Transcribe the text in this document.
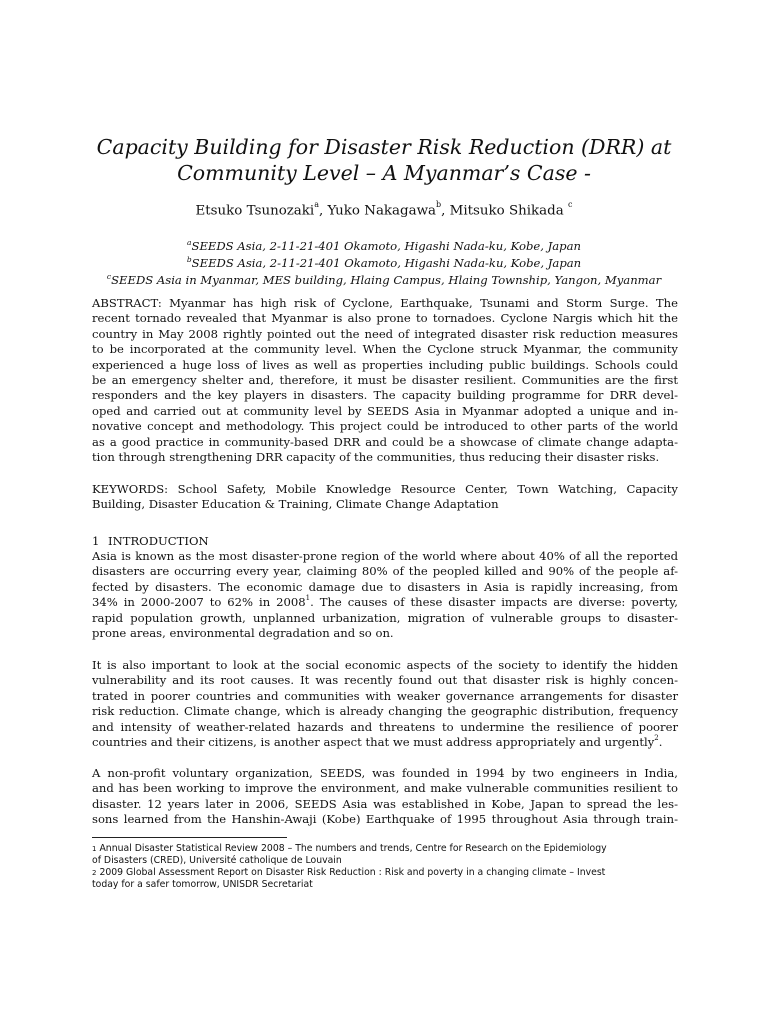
Capacity Building for Disaster Risk Reduction (DRR) at
Community Level – A Myanmar’s Case -
Etsuko Tsunozaki$^a$, Yuko Nakagawa$^b$, Mitsuko Shikada $^c$
$^a$SEEDS Asia, 2-11-21-401 Okamoto, Higashi Nada-ku, Kobe, Japan
$^b$SEEDS Asia, 2-11-21-401 Okamoto, Higashi Nada-ku, Kobe, Japan
$^c$SEEDS Asia in Myanmar, MES building, Hlaing Campus, Hlaing Township, Yangon, Myanmar
ABSTRACT: Myanmar has high risk of Cyclone, Earthquake, Tsunami and Storm Surge. The
recent tornado revealed that Myanmar is also prone to tornadoes. Cyclone Nargis which hit the
country in May 2008 rightly pointed out the need of integrated disaster risk reduction measures
to be incorporated at the community level. When the Cyclone struck Myanmar, the community
experienced a huge loss of lives as well as properties including public buildings. Schools could
be an emergency shelter and, therefore, it must be disaster resilient. Communities are the first
responders and the key players in disasters. The capacity building programme for DRR devel-
oped and carried out at community level by SEEDS Asia in Myanmar adopted a unique and in-
novative concept and methodology. This project could be introduced to other parts of the world
as a good practice in community-based DRR and could be a showcase of climate change adapta-
tion through strengthening DRR capacity of the communities, thus reducing their disaster risks.
KEYWORDS: School Safety, Mobile Knowledge Resource Center, Town Watching, Capacity
Building, Disaster Education & Training, Climate Change Adaptation
1 INTRODUCTION
Asia is known as the most disaster-prone region of the world where about 40% of all the reported
disasters are occurring every year, claiming 80% of the peopled killed and 90% of the people af-
fected by disasters. The economic damage due to disasters in Asia is rapidly increasing, from
34% in 2000-2007 to 62% in 2008$^1$. The causes of these disaster impacts are diverse: poverty,
rapid population growth, unplanned urbanization, migration of vulnerable groups to disaster-
prone areas, environmental degradation and so on.
It is also important to look at the social economic aspects of the society to identify the hidden
vulnerability and its root causes. It was recently found out that disaster risk is highly concen-
trated in poorer countries and communities with weaker governance arrangements for disaster
risk reduction. Climate change, which is already changing the geographic distribution, frequency
and intensity of weather-related hazards and threatens to undermine the resilience of poorer
countries and their citizens, is another aspect that we must address appropriately and urgently$^2$.
A non-profit voluntary organization, SEEDS, was founded in 1994 by two engineers in India,
and has been working to improve the environment, and make vulnerable communities resilient to
disaster. 12 years later in 2006, SEEDS Asia was established in Kobe, Japan to spread the les-
sons learned from the Hanshin-Awaji (Kobe) Earthquake of 1995 throughout Asia through train-
1 Annual Disaster Statistical Review 2008 – The numbers and trends, Centre for Research on the Epidemiology
of Disasters (CRED), Université catholique de Louvain
2 2009 Global Assessment Report on Disaster Risk Reduction : Risk and poverty in a changing climate – Invest
today for a safer tomorrow, UNISDR Secretariat
